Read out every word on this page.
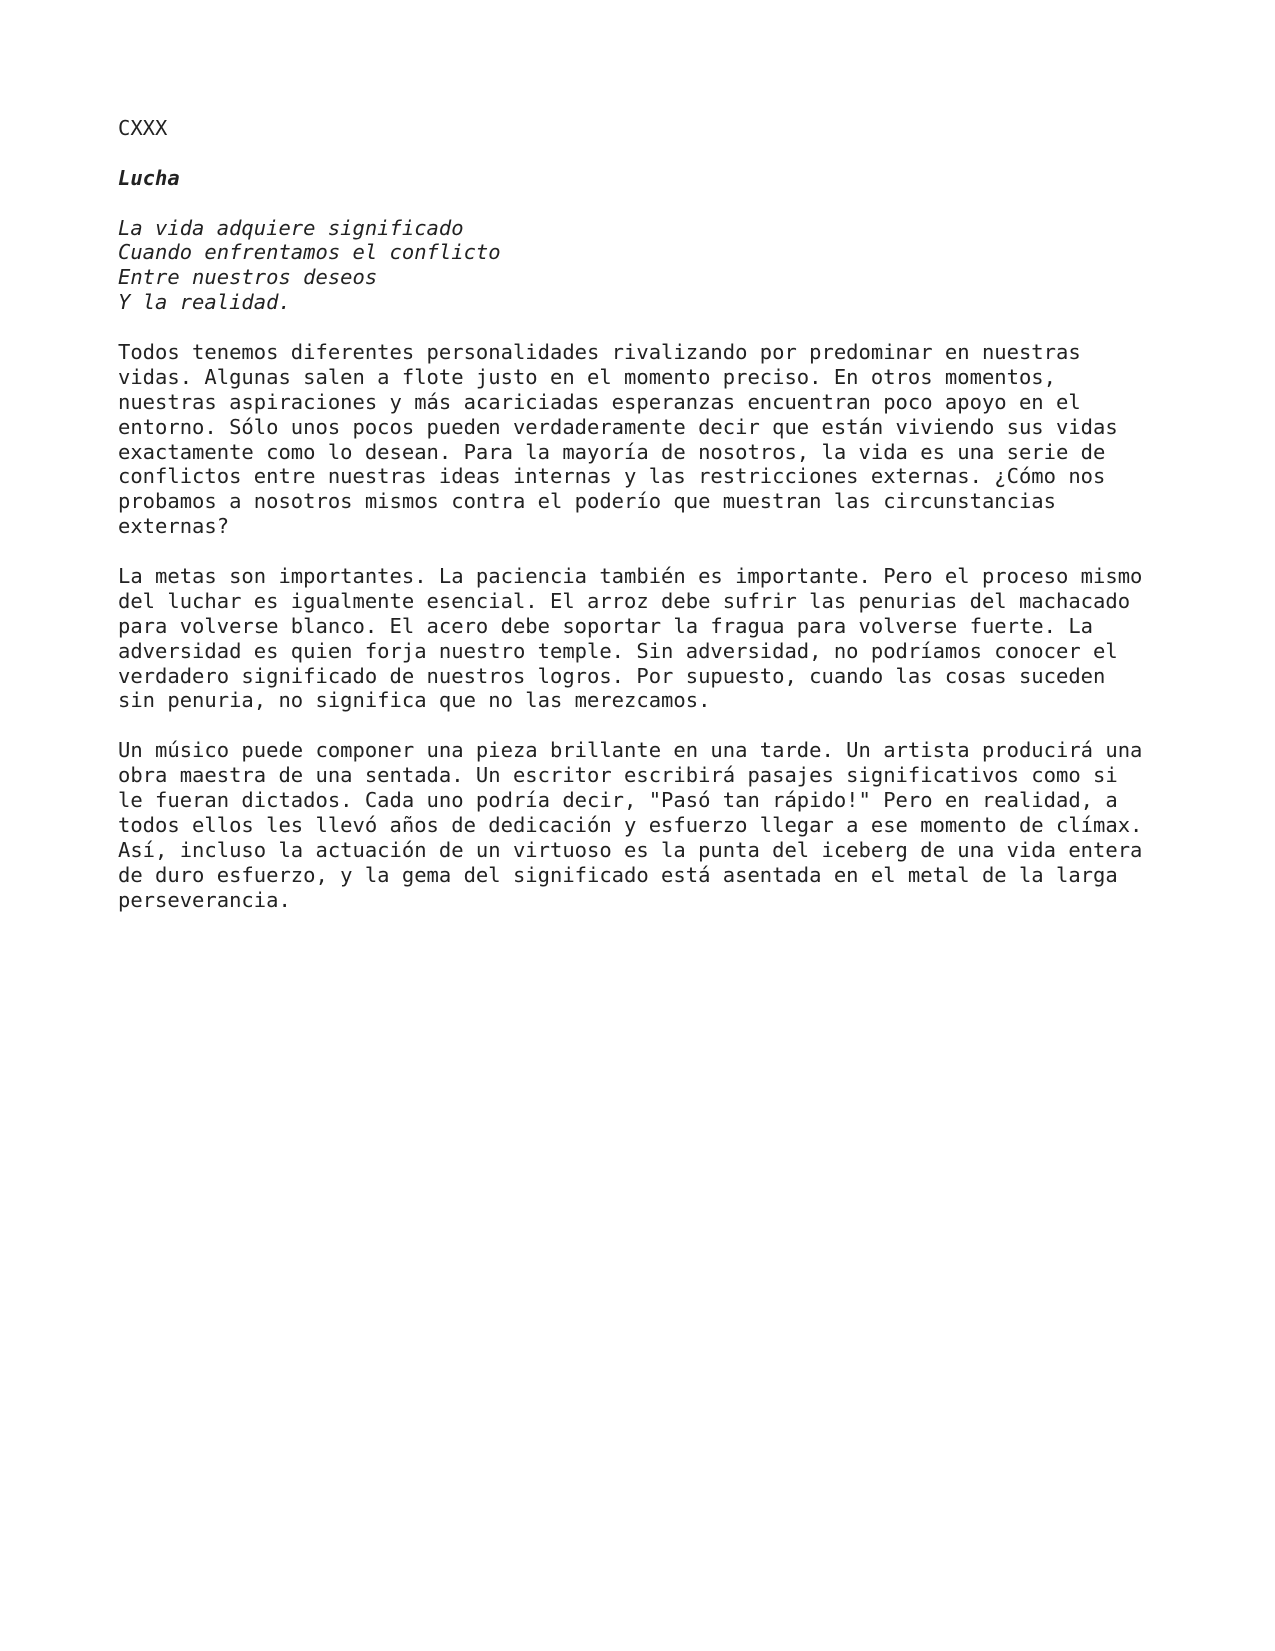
CXXX
Lucha
La vida adquiere significado
Cuando enfrentamos el conflicto
Entre nuestros deseos
Y la realidad.
Todos tenemos diferentes personalidades rivalizando por predominar en nuestras
vidas. Algunas salen a flote justo en el momento preciso. En otros momentos,
nuestras aspiraciones y más acariciadas esperanzas encuentran poco apoyo en el
entorno. Sólo unos pocos pueden verdaderamente decir que están viviendo sus vidas
exactamente como lo desean. Para la mayoría de nosotros, la vida es una serie de
conflictos entre nuestras ideas internas y las restricciones externas. ¿Cómo nos
probamos a nosotros mismos contra el poderío que muestran las circunstancias
externas?
La metas son importantes. La paciencia también es importante. Pero el proceso mismo
del luchar es igualmente esencial. El arroz debe sufrir las penurias del machacado
para volverse blanco. El acero debe soportar la fragua para volverse fuerte. La
adversidad es quien forja nuestro temple. Sin adversidad, no podríamos conocer el
verdadero significado de nuestros logros. Por supuesto, cuando las cosas suceden
sin penuria, no significa que no las merezcamos.
Un músico puede componer una pieza brillante en una tarde. Un artista producirá una
obra maestra de una sentada. Un escritor escribirá pasajes significativos como si
le fueran dictados. Cada uno podría decir, "Pasó tan rápido!" Pero en realidad, a
todos ellos les llevó años de dedicación y esfuerzo llegar a ese momento de clímax.
Así, incluso la actuación de un virtuoso es la punta del iceberg de una vida entera
de duro esfuerzo, y la gema del significado está asentada en el metal de la larga
perseverancia.
